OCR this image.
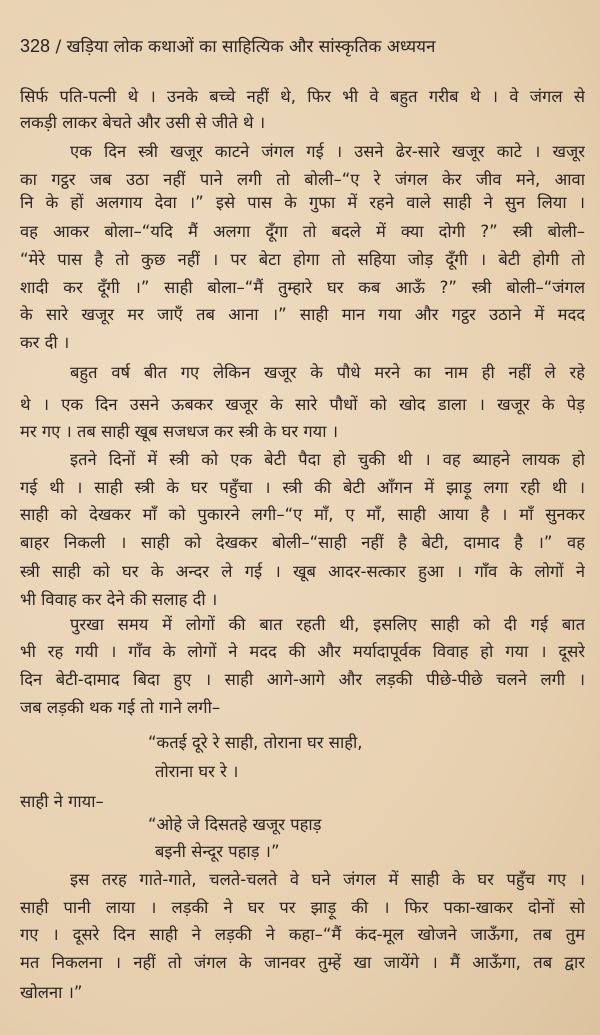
328 / खड़िया लोक कथाओं का साहित्यिक और सांस्कृतिक अध्ययन
सिर्फ पति-पत्नी थे । उनके बच्चे नहीं थे, फिर भी वे बहुत गरीब थे । वे जंगल से
लकड़ी लाकर बेचते और उसी से जीते थे ।
एक दिन स्त्री खजूर काटने जंगल गई । उसने ढेर-सारे खजूर काटे । खजूर
का गट्ठर जब उठा नहीं पाने लगी तो बोली–“ए रे जंगल केर जीव मने, आवा
नि के हों अलगाय देवा ।” इसे पास के गुफा में रहने वाले साही ने सुन लिया ।
वह आकर बोला–“यदि मैं अलगा दूँगा तो बदले में क्या दोगी ?” स्त्री बोली–
“मेरे पास है तो कुछ नहीं । पर बेटा होगा तो सहिया जोड़ दूँगी । बेटी होगी तो
शादी कर दूँगी ।” साही बोला–“मैं तुम्हारे घर कब आऊँ ?” स्त्री बोली–“जंगल
के सारे खजूर मर जाएँ तब आना ।” साही मान गया और गट्ठर उठाने में मदद
कर दी ।
बहुत वर्ष बीत गए लेकिन खजूर के पौधे मरने का नाम ही नहीं ले रहे
थे । एक दिन उसने ऊबकर खजूर के सारे पौधों को खोद डाला । खजूर के पेड़
मर गए । तब साही खूब सजधज कर स्त्री के घर गया ।
इतने दिनों में स्त्री को एक बेटी पैदा हो चुकी थी । वह ब्याहने लायक हो
गई थी । साही स्त्री के घर पहुँचा । स्त्री की बेटी आँगन में झाड़ू लगा रही थी ।
साही को देखकर माँ को पुकारने लगी–“ए माँ, ए माँ, साही आया है । माँ सुनकर
बाहर निकली । साही को देखकर बोली–“साही नहीं है बेटी, दामाद है ।” वह
स्त्री साही को घर के अन्दर ले गई । खूब आदर-सत्कार हुआ । गाँव के लोगों ने
भी विवाह कर देने की सलाह दी ।
पुरखा समय में लोगों की बात रहती थी, इसलिए साही को दी गई बात
भी रह गयी । गाँव के लोगों ने मदद की और मर्यादापूर्वक विवाह हो गया । दूसरे
दिन बेटी-दामाद बिदा हुए । साही आगे-आगे और लड़की पीछे-पीछे चलने लगी ।
जब लड़की थक गई तो गाने लगी–
“कतई दूरे रे साही, तोराना घर साही,
तोराना घर रे ।
साही ने गाया–
“ओहे जे दिसतहे खजूर पहाड़
बइनी सेन्दूर पहाड़ ।”
इस तरह गाते-गाते, चलते-चलते वे घने जंगल में साही के घर पहुँच गए ।
साही पानी लाया । लड़की ने घर पर झाड़ू की । फिर पका-खाकर दोनों सो
गए । दूसरे दिन साही ने लड़की ने कहा–“मैं कंद-मूल खोजने जाऊँगा, तब तुम
मत निकलना । नहीं तो जंगल के जानवर तुम्हें खा जायेंगे । मैं आऊँगा, तब द्वार
खोलना ।”
